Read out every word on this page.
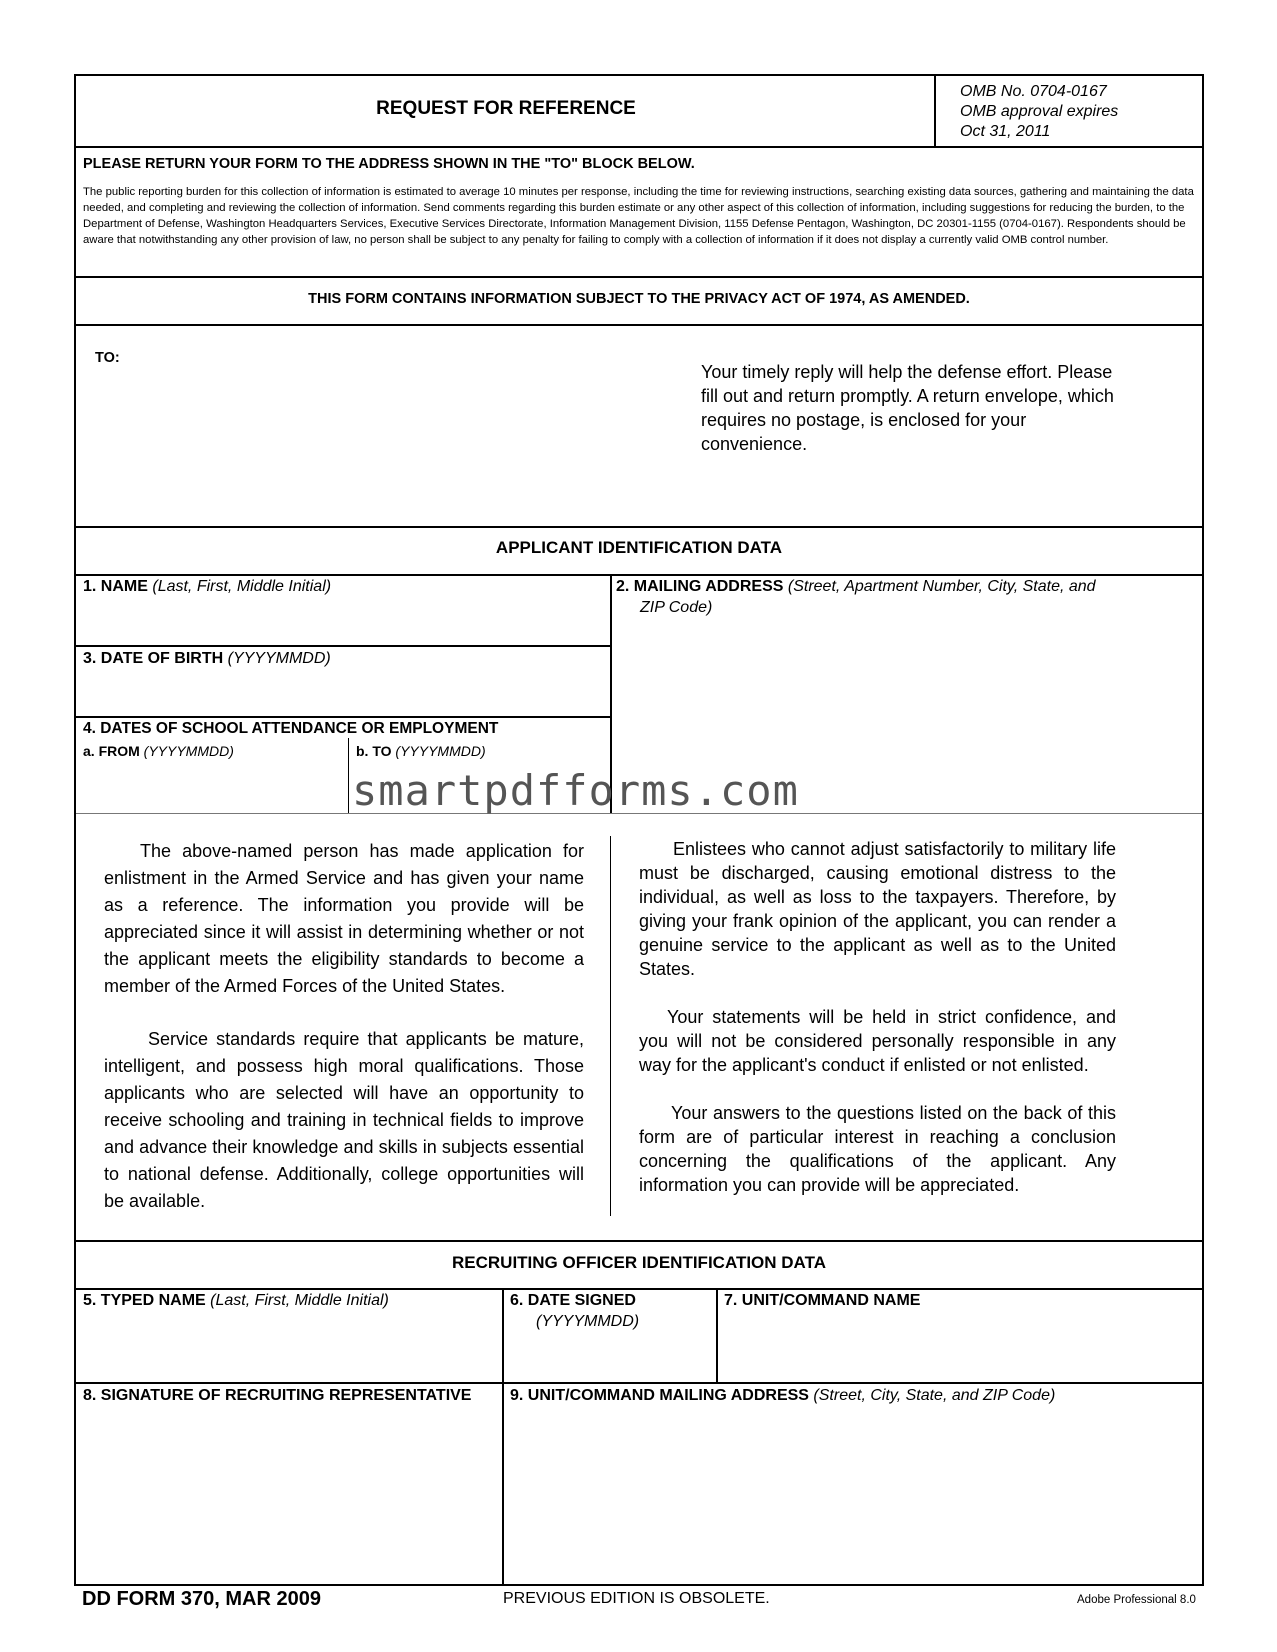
REQUEST FOR REFERENCE
OMB No. 0704-0167
OMB approval expires
Oct 31, 2011
PLEASE RETURN YOUR FORM TO THE ADDRESS SHOWN IN THE "TO" BLOCK BELOW.
The public reporting burden for this collection of information is estimated to average 10 minutes per response, including the time for reviewing instructions, searching existing data sources, gathering and maintaining the data needed, and completing and reviewing the collection of information. Send comments regarding this burden estimate or any other aspect of this collection of information, including suggestions for reducing the burden, to the Department of Defense, Washington Headquarters Services, Executive Services Directorate, Information Management Division, 1155 Defense Pentagon, Washington, DC 20301-1155 (0704-0167). Respondents should be aware that notwithstanding any other provision of law, no person shall be subject to any penalty for failing to comply with a collection of information if it does not display a currently valid OMB control number.
THIS FORM CONTAINS INFORMATION SUBJECT TO THE PRIVACY ACT OF 1974, AS AMENDED.
TO:
Your timely reply will help the defense effort. Please fill out and return promptly. A return envelope, which requires no postage, is enclosed for your convenience.
APPLICANT IDENTIFICATION DATA
1. NAME (Last, First, Middle Initial)	2. MAILING ADDRESS (Street, Apartment Number, City, State, and
ZIP Code)
3. DATE OF BIRTH (YYYYMMDD)
4. DATES OF SCHOOL ATTENDANCE OR EMPLOYMENT
a. FROM (YYYYMMDD)	b. TO (YYYYMMDD)
smartpdfforms.com

The above-named person has made application for enlistment in the Armed Service and has given your name as a reference. The information you provide will be appreciated since it will assist in determining whether or not the applicant meets the eligibility standards to become a member of the Armed Forces of the United States.

Service standards require that applicants be mature, intelligent, and possess high moral qualifications. Those applicants who are selected will have an opportunity to receive schooling and training in technical fields to improve and advance their knowledge and skills in subjects essential to national defense. Additionally, college opportunities will be available.

Enlistees who cannot adjust satisfactorily to military life must be discharged, causing emotional distress to the individual, as well as loss to the taxpayers. Therefore, by giving your frank opinion of the applicant, you can render a genuine service to the applicant as well as to the United States.

Your statements will be held in strict confidence, and you will not be considered personally responsible in any way for the applicant's conduct if enlisted or not enlisted.

Your answers to the questions listed on the back of this form are of particular interest in reaching a conclusion concerning the qualifications of the applicant. Any information you can provide will be appreciated.

RECRUITING OFFICER IDENTIFICATION DATA
5. TYPED NAME (Last, First, Middle Initial)	6. DATE SIGNED
(YYYYMMDD)
7. UNIT/COMMAND NAME
8. SIGNATURE OF RECRUITING REPRESENTATIVE 9. UNIT/COMMAND MAILING ADDRESS (Street, City, State, and ZIP Code)
DD FORM 370, MAR 2009	PREVIOUS EDITION IS OBSOLETE.	Adobe Professional 8.0
